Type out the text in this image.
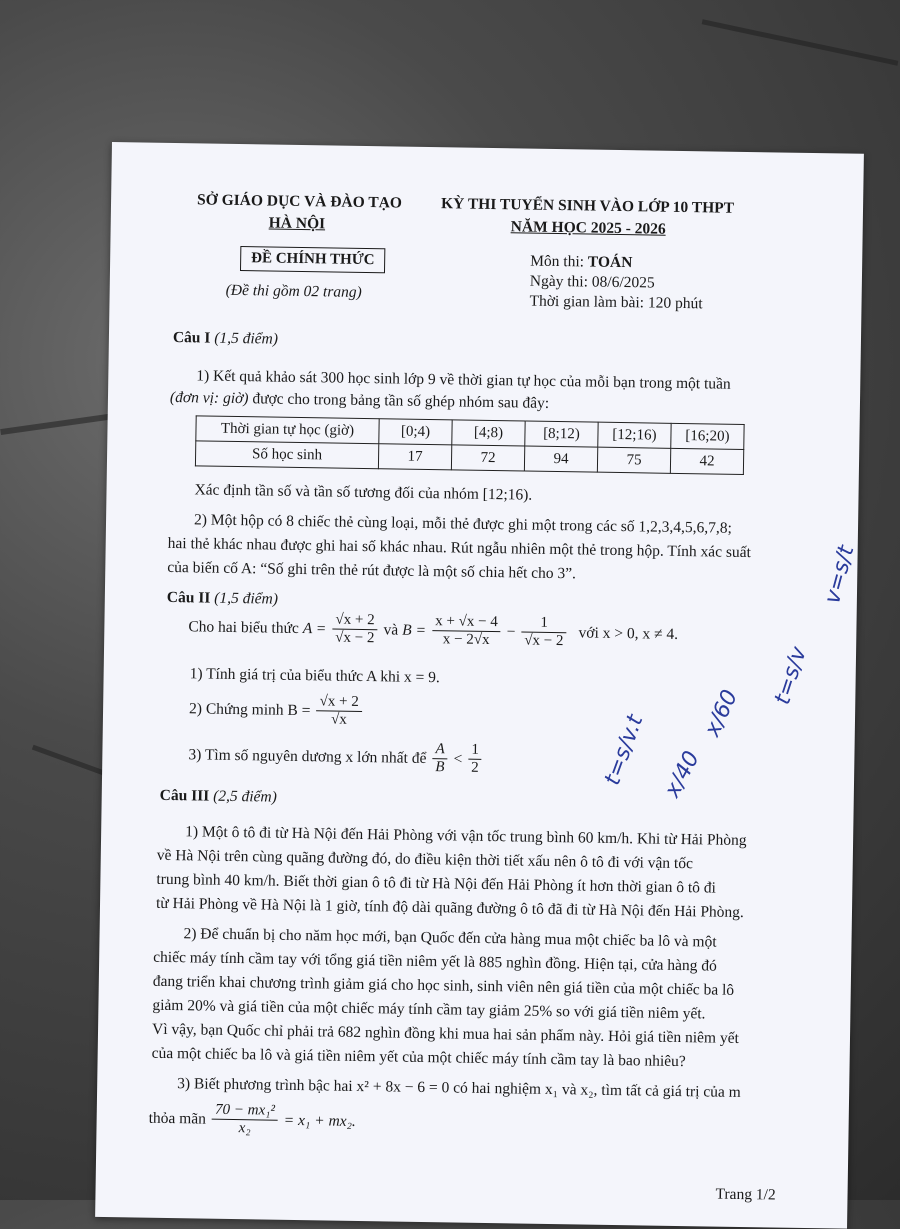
SỞ GIÁO DỤC VÀ ĐÀO TẠO
HÀ NỘI
ĐỀ CHÍNH THỨC
(Đề thi gồm 02 trang)
KỲ THI TUYỂN SINH VÀO LỚP 10 THPT
NĂM HỌC 2025 - 2026
Môn thi: TOÁN
Ngày thi: 08/6/2025
Thời gian làm bài: 120 phút
Câu I (1,5 điểm)
1) Kết quả khảo sát 300 học sinh lớp 9 về thời gian tự học của mỗi bạn trong một tuần
(đơn vị: giờ) được cho trong bảng tần số ghép nhóm sau đây:
Thời gian tự học (giờ)	[0;4)	[4;8)	[8;12)	[12;16)	[16;20)
Số học sinh	17	72	94	75	42
Xác định tần số và tần số tương đối của nhóm [12;16).
2) Một hộp có 8 chiếc thẻ cùng loại, mỗi thẻ được ghi một trong các số 1,2,3,4,5,6,7,8;
hai thẻ khác nhau được ghi hai số khác nhau. Rút ngẫu nhiên một thẻ trong hộp. Tính xác suất
của biến cố A: “Số ghi trên thẻ rút được là một số chia hết cho 3”.
Câu II (1,5 điểm)
Cho hai biểu thức $A = \frac{√x + 2}{√x - 2}$ và $B = \frac{x + √x - 4}{x - 2√x} - \frac{1}{√x - 2}$ với x > 0, x ≠ 4.
1) Tính giá trị của biểu thức A khi x = 9.
2) Chứng minh $B = \frac{√x + 2}{√x}$
3) Tìm số nguyên dương x lớn nhất để $\frac{A}{B} < \frac{1}{2}$
Câu III (2,5 điểm)
1) Một ô tô đi từ Hà Nội đến Hải Phòng với vận tốc trung bình 60 km/h. Khi từ Hải Phòng
về Hà Nội trên cùng quãng đường đó, do điều kiện thời tiết xấu nên ô tô đi với vận tốc
trung bình 40 km/h. Biết thời gian ô tô đi từ Hà Nội đến Hải Phòng ít hơn thời gian ô tô đi
từ Hải Phòng về Hà Nội là 1 giờ, tính độ dài quãng đường ô tô đã đi từ Hà Nội đến Hải Phòng.
2) Để chuẩn bị cho năm học mới, bạn Quốc đến cửa hàng mua một chiếc ba lô và một
chiếc máy tính cầm tay với tổng giá tiền niêm yết là 885 nghìn đồng. Hiện tại, cửa hàng đó
đang triển khai chương trình giảm giá cho học sinh, sinh viên nên giá tiền của một chiếc ba lô
giảm 20% và giá tiền của một chiếc máy tính cầm tay giảm 25% so với giá tiền niêm yết.
Vì vậy, bạn Quốc chỉ phải trả 682 nghìn đồng khi mua hai sản phẩm này. Hỏi giá tiền niêm yết
của một chiếc ba lô và giá tiền niêm yết của một chiếc máy tính cầm tay là bao nhiêu?
3) Biết phương trình bậc hai x² + 8x − 6 = 0 có hai nghiệm x₁ và x₂, tìm tất cả giá trị của m
thỏa mãn $\frac{\text{70 − mx₁²}}{\text{x₂}} = x_1 + mx_2$.
Trang 1/2
v=s/t
t=s/v
t=s/v.t x/60
x/40
